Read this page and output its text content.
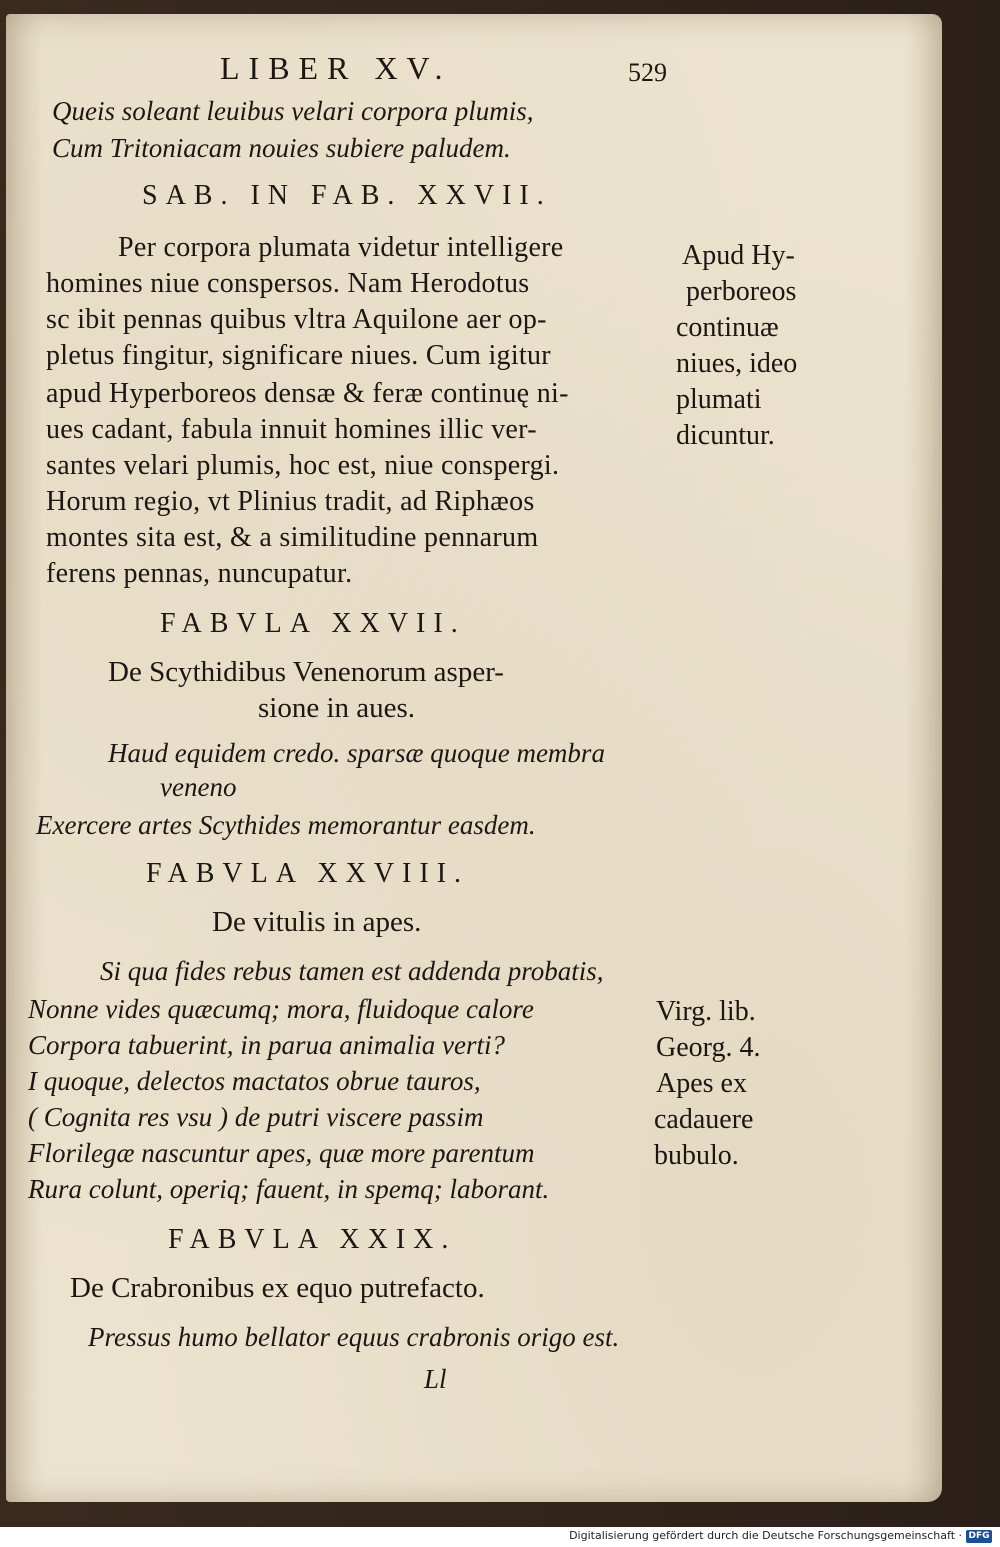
LIBER XV.	529
Queis soleant leuibus velari corpora plumis,
Cum Tritoniacam nouies subiere paludem.
SAB. IN FAB. XXVII.
Per corpora plumata videtur intelligere
homines niue conspersos. Nam Herodotus
sc ibit pennas quibus vltra Aquilone aer op-
pletus fingitur, significare niues. Cum igitur
apud Hyperboreos densæ & feræ continuę ni-
ues cadant, fabula innuit homines illic ver-
santes velari plumis, hoc est, niue conspergi.
Horum regio, vt Plinius tradit, ad Riphæos
montes sita est, & a similitudine pennarum
ferens pennas, nuncupatur.
Apud Hy-
perboreos
continuæ
niues, ideo
plumati
dicuntur.
FABVLA XXVII.
De Scythidibus Venenorum asper-
sione in aues.
Haud equidem credo. sparsæ quoque membra
veneno
Exercere artes Scythides memorantur easdem.
FABVLA XXVIII.
De vitulis in apes.
Si qua fides rebus tamen est addenda probatis,
Nonne vides quæcumq; mora, fluidoque calore
Corpora tabuerint, in parua animalia verti?
I quoque, delectos mactatos obrue tauros,
( Cognita res vsu ) de putri viscere passim
Florilegæ nascuntur apes, quæ more parentum
Rura colunt, operiq; fauent, in spemq; laborant.
Virg. lib.
Georg. 4.
Apes ex
cadauere
bubulo.
FABVLA XXIX.
De Crabronibus ex equo putrefacto.
Pressus humo bellator equus crabronis origo est.
Ll
Digitalisierung gefördert durch die Deutsche Forschungsgemeinschaft · DFG
